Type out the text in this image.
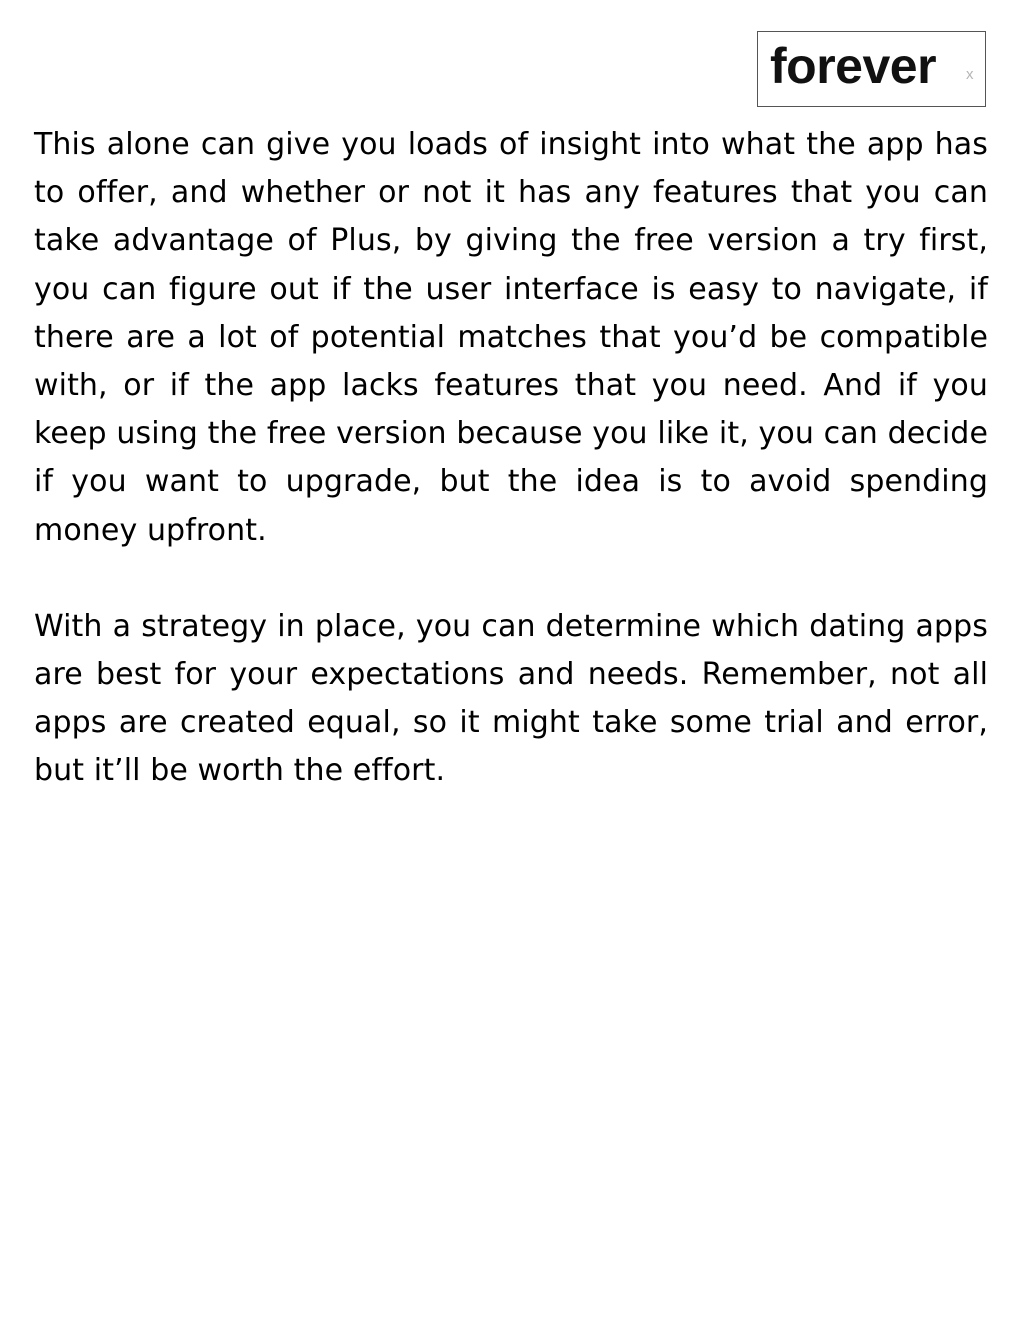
forever x

This alone can give you loads of insight into what the app has to offer, and whether or not it has any features that you can take advantage of Plus, by giving the free version a try first, you can figure out if the user interface is easy to navigate, if there are a lot of potential matches that you’d be compatible with, or if the app lacks features that you need. And if you keep using the free version because you like it, you can decide if you want to upgrade, but the idea is to avoid spending money upfront.

With a strategy in place, you can determine which dating apps are best for your expectations and needs. Remember, not all apps are created equal, so it might take some trial and error, but it’ll be worth the effort.
